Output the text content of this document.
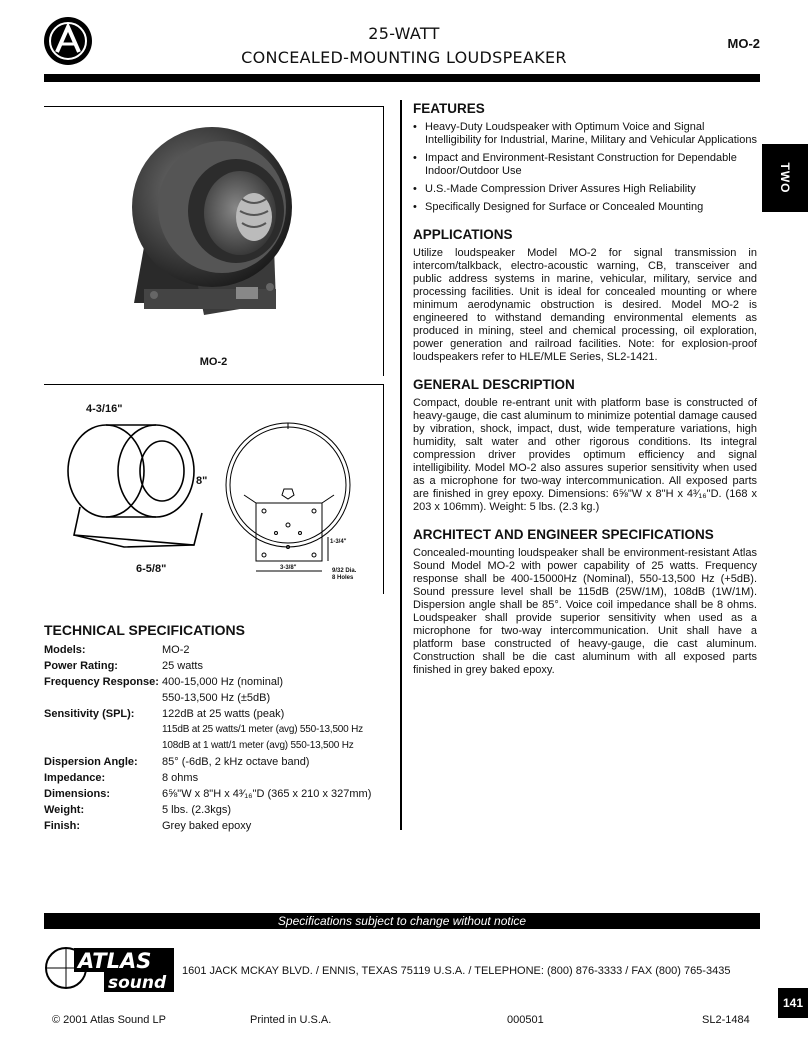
25-WATT
CONCEALED-MOUNTING LOUDSPEAKER
MO-2
TWO
MO-2
4-3/16"
8"
6-5/8"
1-3/4"
3-3/8"	9/32 Dia.
8 Holes
TECHNICAL SPECIFICATIONS
Models:	MO-2
Power Rating:	25 watts
Frequency Response:	400-15,000 Hz (nominal)
	550-13,500 Hz (±5dB)
Sensitivity (SPL):	122dB at 25 watts (peak)
	115dB at 25 watts/1 meter (avg) 550-13,500 Hz
	108dB at 1 watt/1 meter (avg) 550-13,500 Hz
Dispersion Angle:	85° (-6dB, 2 kHz octave band)
Impedance:	8 ohms
Dimensions:	6⅝"W x 8"H x 4³⁄₁₆"D (365 x 210 x 327mm)
Weight:	5 lbs. (2.3kgs)
Finish:	Grey baked epoxy
FEATURES
• Heavy-Duty Loudspeaker with Optimum Voice and Signal Intelligibility for Industrial, Marine, Military and Vehicular Applications
• Impact and Environment-Resistant Construction for Dependable Indoor/Outdoor Use
• U.S.-Made Compression Driver Assures High Reliability
• Specifically Designed for Surface or Concealed Mounting
APPLICATIONS

Utilize loudspeaker Model MO-2 for signal transmission in intercom/talkback, electro-acoustic warning, CB, transceiver and public address systems in marine, vehicular, military, service and processing facilities. Unit is ideal for concealed mounting or where minimum aerodynamic obstruction is desired. Model MO-2 is engineered to withstand demanding environmental elements as produced in mining, steel and chemical processing, oil exploration, power generation and railroad facilities. Note: for explosion-proof loudspeakers refer to HLE/MLE Series, SL2-1421.

GENERAL DESCRIPTION

Compact, double re-entrant unit with platform base is constructed of heavy-gauge, die cast aluminum to minimize potential damage caused by vibration, shock, impact, dust, wide temperature variations, high humidity, salt water and other rigorous conditions. Its integral compression driver provides optimum efficiency and signal intelligibility. Model MO-2 also assures superior sensitivity when used as a microphone for two-way intercommunication. All exposed parts are finished in grey epoxy. Dimensions: 6⅝"W x 8"H x 4³⁄₁₆"D. (168 x 203 x 106mm). Weight: 5 lbs. (2.3 kg.)

ARCHITECT AND ENGINEER SPECIFICATIONS

Concealed-mounting loudspeaker shall be environment-resistant Atlas Sound Model MO-2 with power capability of 25 watts. Frequency response shall be 400-15000Hz (Nominal), 550-13,500 Hz (+5dB). Sound pressure level shall be 115dB (25W/1M), 108dB (1W/1M). Dispersion angle shall be 85°. Voice coil impedance shall be 8 ohms. Loudspeaker shall provide superior sensitivity when used as a microphone for two-way intercommunication. Unit shall have a platform base constructed of heavy-gauge, die cast aluminum. Construction shall be die cast aluminum with all exposed parts finished in grey baked epoxy.

Specifications subject to change without notice
ATLAS
sound
1601 JACK MCKAY BLVD. / ENNIS, TEXAS 75119 U.S.A. / TELEPHONE: (800) 876-3333 / FAX (800) 765-3435
141
© 2001 Atlas Sound LP	Printed in U.S.A.	000501	SL2-1484
